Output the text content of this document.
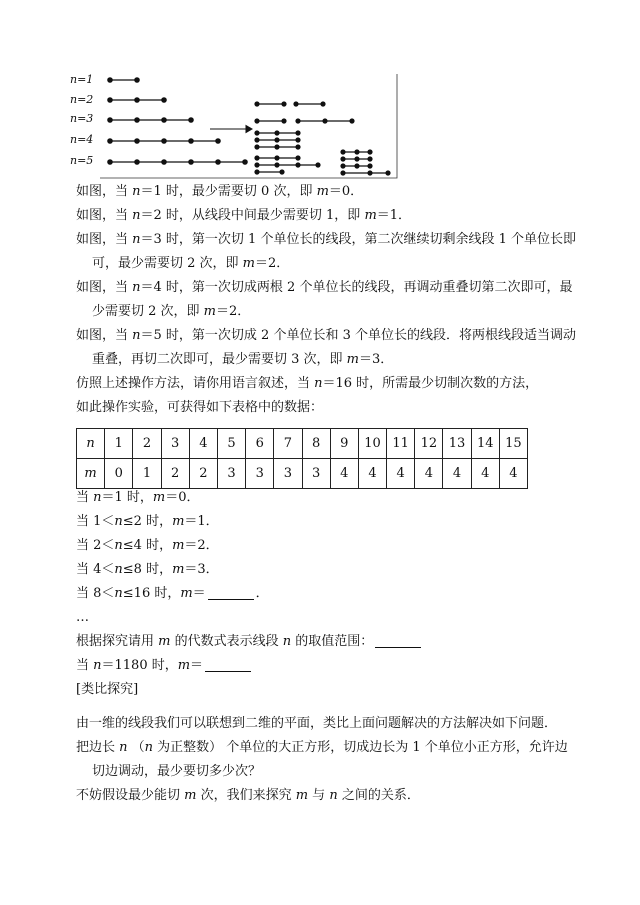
n=1
n=2
n=3
n=4
n=5
如图，当 𝑛＝1 时，最少需要切 0 次，即 𝑚＝0．
如图，当 𝑛＝2 时，从线段中间最少需要切 1，即 𝑚＝1．
如图，当 𝑛＝3 时，第一次切 1 个单位长的线段，第二次继续切剩余线段 1 个单位长即
可，最少需要切 2 次，即 𝑚＝2．
如图，当 𝑛＝4 时，第一次切成两根 2 个单位长的线段，再调动重叠切第二次即可，最
少需要切 2 次，即 𝑚＝2．
如图，当 𝑛＝5 时，第一次切成 2 个单位长和 3 个单位长的线段．将两根线段适当调动
重叠，再切二次即可，最少需要切 3 次，即 𝑚＝3．
仿照上述操作方法，请你用语言叙述，当 𝑛＝16 时，所需最少切制次数的方法，
如此操作实验，可获得如下表格中的数据：
n	1	2	3	4	5	6	7	8	9	10	11	12	13	14	15
m	0	1	2	2	3	3	3	3	4	4	4	4	4	4	4
当 𝑛＝1 时，𝑚＝0．
当 1＜𝑛≤2 时，𝑚＝1．
当 2＜𝑛≤4 时，𝑚＝2．
当 4＜𝑛≤8 时，𝑚＝3．
当 8＜𝑛≤16 时，𝑚＝	．
…
根据探究请用 𝑚 的代数式表示线段 𝑛 的取值范围：
当 𝑛＝1180 时，𝑚＝
[类比探究]
由一维的线段我们可以联想到二维的平面，类比上面问题解决的方法解决如下问题．
把边长 𝑛 （𝑛 为正整数） 个单位的大正方形，切成边长为 1 个单位小正方形，允许边
切边调动，最少要切多少次？
不妨假设最少能切 𝑚 次，我们来探究 𝑚 与 𝑛 之间的关系．
